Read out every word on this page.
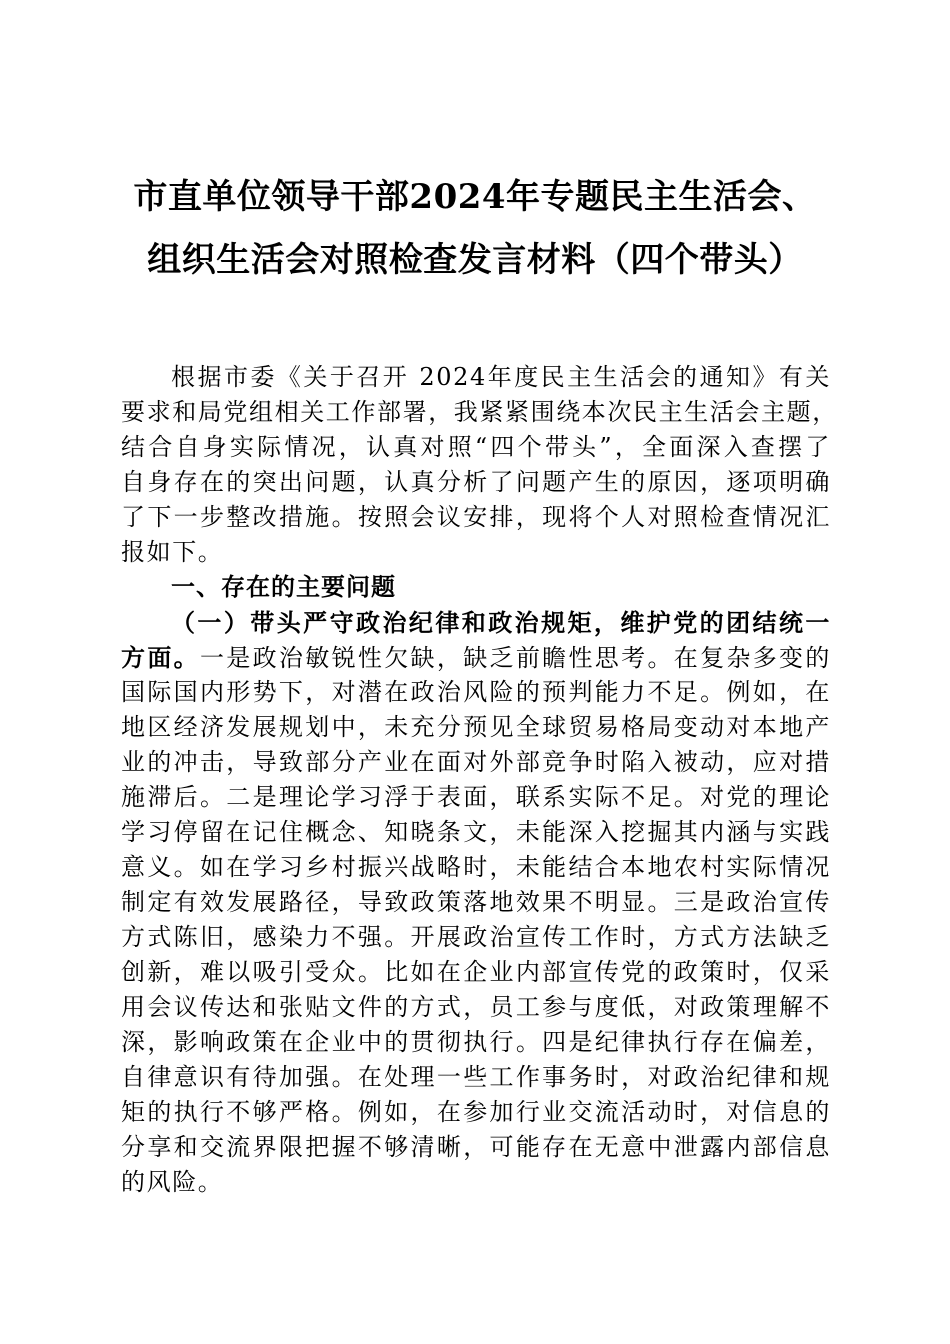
市直单位领导干部2024年专题民主生活会、
组织生活会对照检查发言材料（四个带头）
根据市委《关于召开 2024年度民主生活会的通知》有关
要求和局党组相关工作部署，我紧紧围绕本次民主生活会主题，
结合自身实际情况，认真对照“四个带头”，全面深入查摆了
自身存在的突出问题，认真分析了问题产生的原因，逐项明确
了下一步整改措施。按照会议安排，现将个人对照检查情况汇
报如下。
一、存在的主要问题
（一）带头严守政治纪律和政治规矩，维护党的团结统一
方面。一是政治敏锐性欠缺，缺乏前瞻性思考。在复杂多变的
国际国内形势下，对潜在政治风险的预判能力不足。例如，在
地区经济发展规划中，未充分预见全球贸易格局变动对本地产
业的冲击，导致部分产业在面对外部竞争时陷入被动，应对措
施滞后。二是理论学习浮于表面，联系实际不足。对党的理论
学习停留在记住概念、知晓条文，未能深入挖掘其内涵与实践
意义。如在学习乡村振兴战略时，未能结合本地农村实际情况
制定有效发展路径，导致政策落地效果不明显。三是政治宣传
方式陈旧，感染力不强。开展政治宣传工作时，方式方法缺乏
创新，难以吸引受众。比如在企业内部宣传党的政策时，仅采
用会议传达和张贴文件的方式，员工参与度低，对政策理解不
深，影响政策在企业中的贯彻执行。四是纪律执行存在偏差，
自律意识有待加强。在处理一些工作事务时，对政治纪律和规
矩的执行不够严格。例如，在参加行业交流活动时，对信息的
分享和交流界限把握不够清晰，可能存在无意中泄露内部信息
的风险。
